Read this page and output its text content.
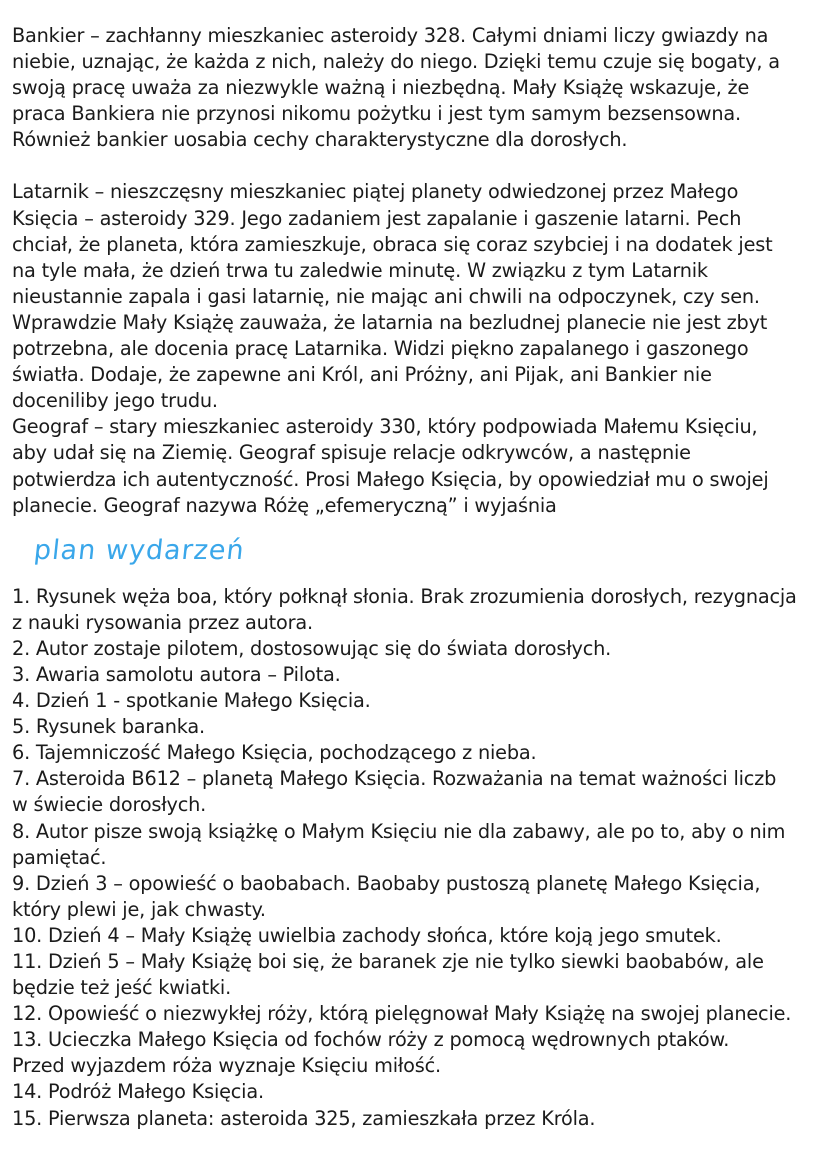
Bankier – zachłanny mieszkaniec asteroidy 328. Całymi dniami liczy gwiazdy na
niebie, uznając, że każda z nich, należy do niego. Dzięki temu czuje się bogaty, a
swoją pracę uważa za niezwykle ważną i niezbędną. Mały Książę wskazuje, że
praca Bankiera nie przynosi nikomu pożytku i jest tym samym bezsensowna.
Również bankier uosabia cechy charakterystyczne dla dorosłych.
Latarnik – nieszczęsny mieszkaniec piątej planety odwiedzonej przez Małego
Księcia – asteroidy 329. Jego zadaniem jest zapalanie i gaszenie latarni. Pech
chciał, że planeta, która zamieszkuje, obraca się coraz szybciej i na dodatek jest
na tyle mała, że dzień trwa tu zaledwie minutę. W związku z tym Latarnik
nieustannie zapala i gasi latarnię, nie mając ani chwili na odpoczynek, czy sen.
Wprawdzie Mały Książę zauważa, że latarnia na bezludnej planecie nie jest zbyt
potrzebna, ale docenia pracę Latarnika. Widzi piękno zapalanego i gaszonego
światła. Dodaje, że zapewne ani Król, ani Próżny, ani Pijak, ani Bankier nie
doceniliby jego trudu.
Geograf – stary mieszkaniec asteroidy 330, który podpowiada Małemu Księciu,
aby udał się na Ziemię. Geograf spisuje relacje odkrywców, a następnie
potwierdza ich autentyczność. Prosi Małego Księcia, by opowiedział mu o swojej
planecie. Geograf nazywa Różę „efemeryczną” i wyjaśnia
plan wydarzeń
1. Rysunek węża boa, który połknął słonia. Brak zrozumienia dorosłych, rezygnacja
z nauki rysowania przez autora.
2. Autor zostaje pilotem, dostosowując się do świata dorosłych.
3. Awaria samolotu autora – Pilota.
4. Dzień 1 - spotkanie Małego Księcia.
5. Rysunek baranka.
6. Tajemniczość Małego Księcia, pochodzącego z nieba.
7. Asteroida B612 – planetą Małego Księcia. Rozważania na temat ważności liczb
w świecie dorosłych.
8. Autor pisze swoją książkę o Małym Księciu nie dla zabawy, ale po to, aby o nim
pamiętać.
9. Dzień 3 – opowieść o baobabach. Baobaby pustoszą planetę Małego Księcia,
który plewi je, jak chwasty.
10. Dzień 4 – Mały Książę uwielbia zachody słońca, które koją jego smutek.
11. Dzień 5 – Mały Książę boi się, że baranek zje nie tylko siewki baobabów, ale
będzie też jeść kwiatki.
12. Opowieść o niezwykłej róży, którą pielęgnował Mały Książę na swojej planecie.
13. Ucieczka Małego Księcia od fochów róży z pomocą wędrownych ptaków.
Przed wyjazdem róża wyznaje Księciu miłość.
14. Podróż Małego Księcia.
15. Pierwsza planeta: asteroida 325, zamieszkała przez Króla.
